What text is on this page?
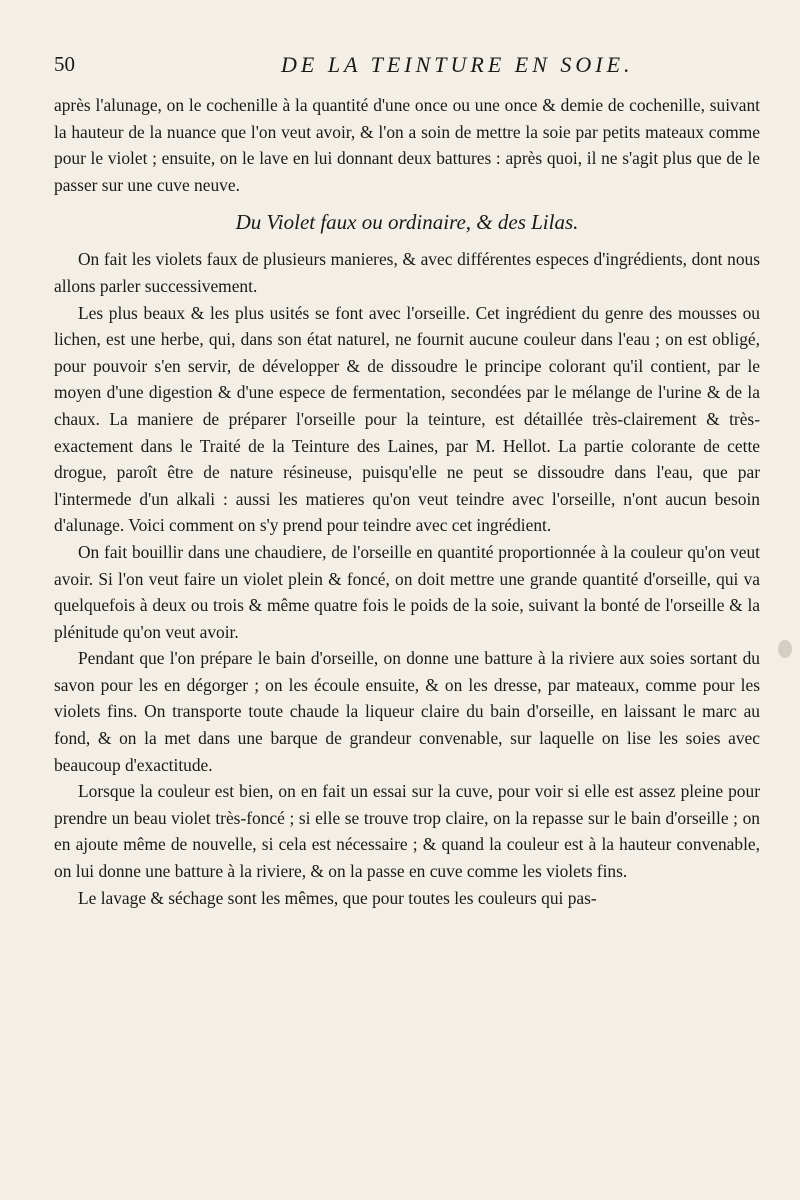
50	DE LA TEINTURE EN SOIE.

après l'alunage, on le cochenille à la quantité d'une once ou une once & demie de cochenille, suivant la hauteur de la nuance que l'on veut avoir, & l'on a soin de mettre la soie par petits mateaux comme pour le violet ; ensuite, on le lave en lui donnant deux battures : après quoi, il ne s'agit plus que de le passer sur une cuve neuve.

Du Violet faux ou ordinaire, & des Lilas.

On fait les violets faux de plusieurs manieres, & avec différentes especes d'ingrédients, dont nous allons parler successivement.

Les plus beaux & les plus usités se font avec l'orseille. Cet ingrédient du genre des mousses ou lichen, est une herbe, qui, dans son état naturel, ne fournit aucune couleur dans l'eau ; on est obligé, pour pouvoir s'en servir, de développer & de dissoudre le principe colorant qu'il contient, par le moyen d'une digestion & d'une espece de fermentation, secondées par le mélange de l'urine & de la chaux. La maniere de préparer l'orseille pour la teinture, est détaillée très-clairement & très-exactement dans le Traité de la Teinture des Laines, par M. Hellot. La partie colorante de cette drogue, paroît être de nature résineuse, puisqu'elle ne peut se dissoudre dans l'eau, que par l'intermede d'un alkali : aussi les matieres qu'on veut teindre avec l'orseille, n'ont aucun besoin d'alunage. Voici comment on s'y prend pour teindre avec cet ingrédient.

On fait bouillir dans une chaudiere, de l'orseille en quantité proportionnée à la couleur qu'on veut avoir. Si l'on veut faire un violet plein & foncé, on doit mettre une grande quantité d'orseille, qui va quelquefois à deux ou trois & même quatre fois le poids de la soie, suivant la bonté de l'orseille & la plénitude qu'on veut avoir.

Pendant que l'on prépare le bain d'orseille, on donne une batture à la riviere aux soies sortant du savon pour les en dégorger ; on les écoule ensuite, & on les dresse, par mateaux, comme pour les violets fins. On transporte toute chaude la liqueur claire du bain d'orseille, en laissant le marc au fond, & on la met dans une barque de grandeur convenable, sur laquelle on lise les soies avec beaucoup d'exactitude.

Lorsque la couleur est bien, on en fait un essai sur la cuve, pour voir si elle est assez pleine pour prendre un beau violet très-foncé ; si elle se trouve trop claire, on la repasse sur le bain d'orseille ; on en ajoute même de nouvelle, si cela est nécessaire ; & quand la couleur est à la hauteur convenable, on lui donne une batture à la riviere, & on la passe en cuve comme les violets fins.

Le lavage & séchage sont les mêmes, que pour toutes les couleurs qui pas-
